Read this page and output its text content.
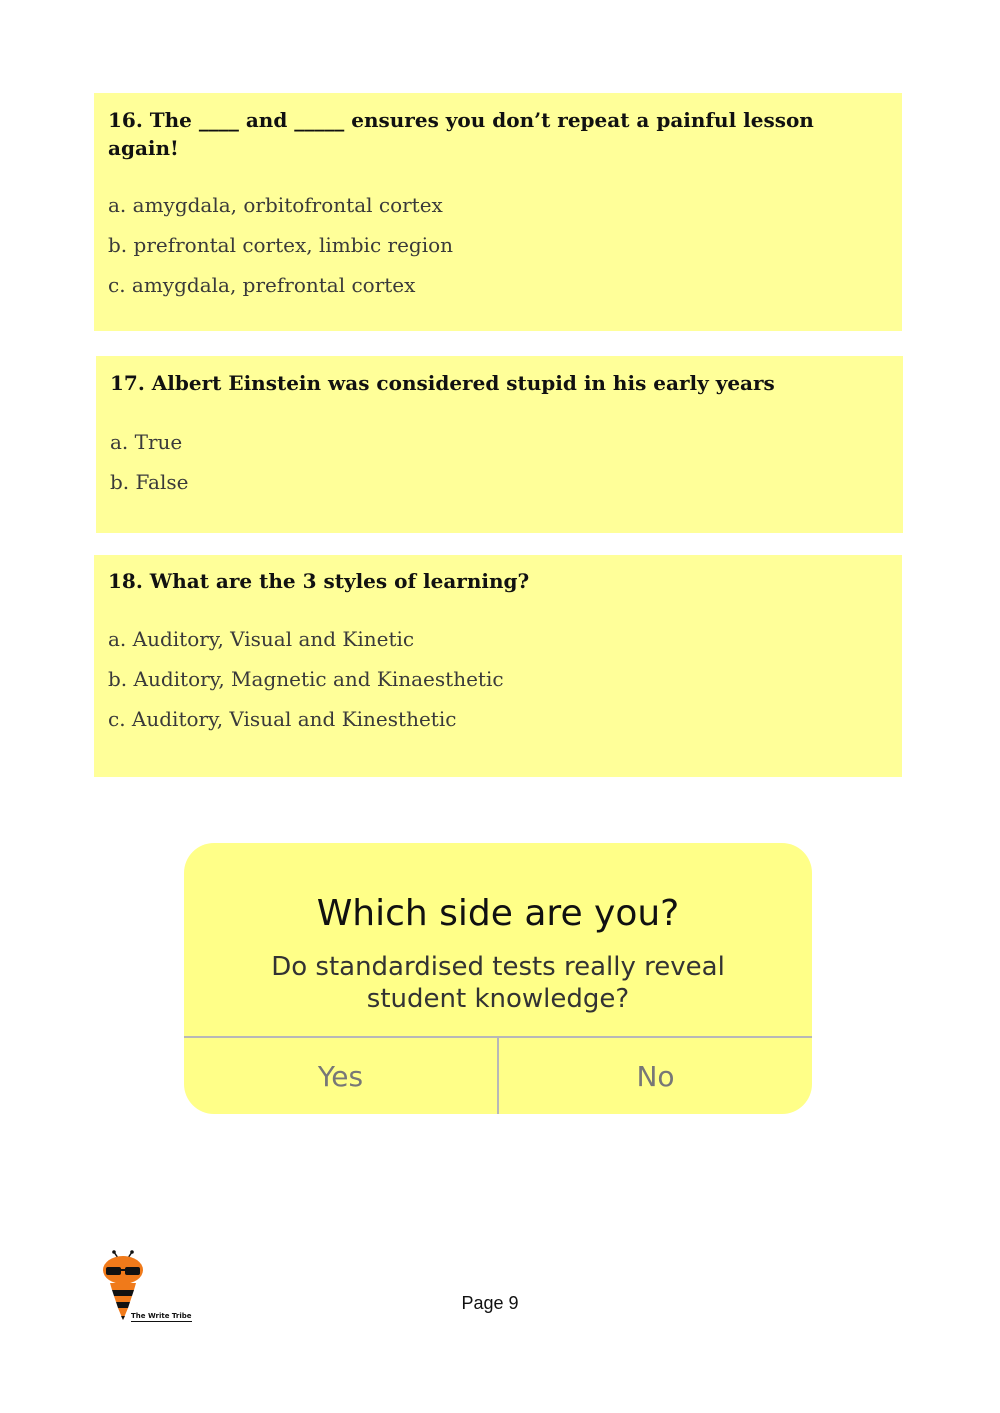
16. The ____ and _____ ensures you don’t repeat a painful lesson again!
a. amygdala, orbitofrontal cortex
b. prefrontal cortex, limbic region
c. amygdala, prefrontal cortex
17. Albert Einstein was considered stupid in his early years
a. True
b. False
18. What are the 3 styles of learning?
a. Auditory, Visual and Kinetic
b. Auditory, Magnetic and Kinaesthetic
c. Auditory, Visual and Kinesthetic
Which side are you?
Do standardised tests really reveal student knowledge?
Yes	No
The Write Tribe
Page 9
